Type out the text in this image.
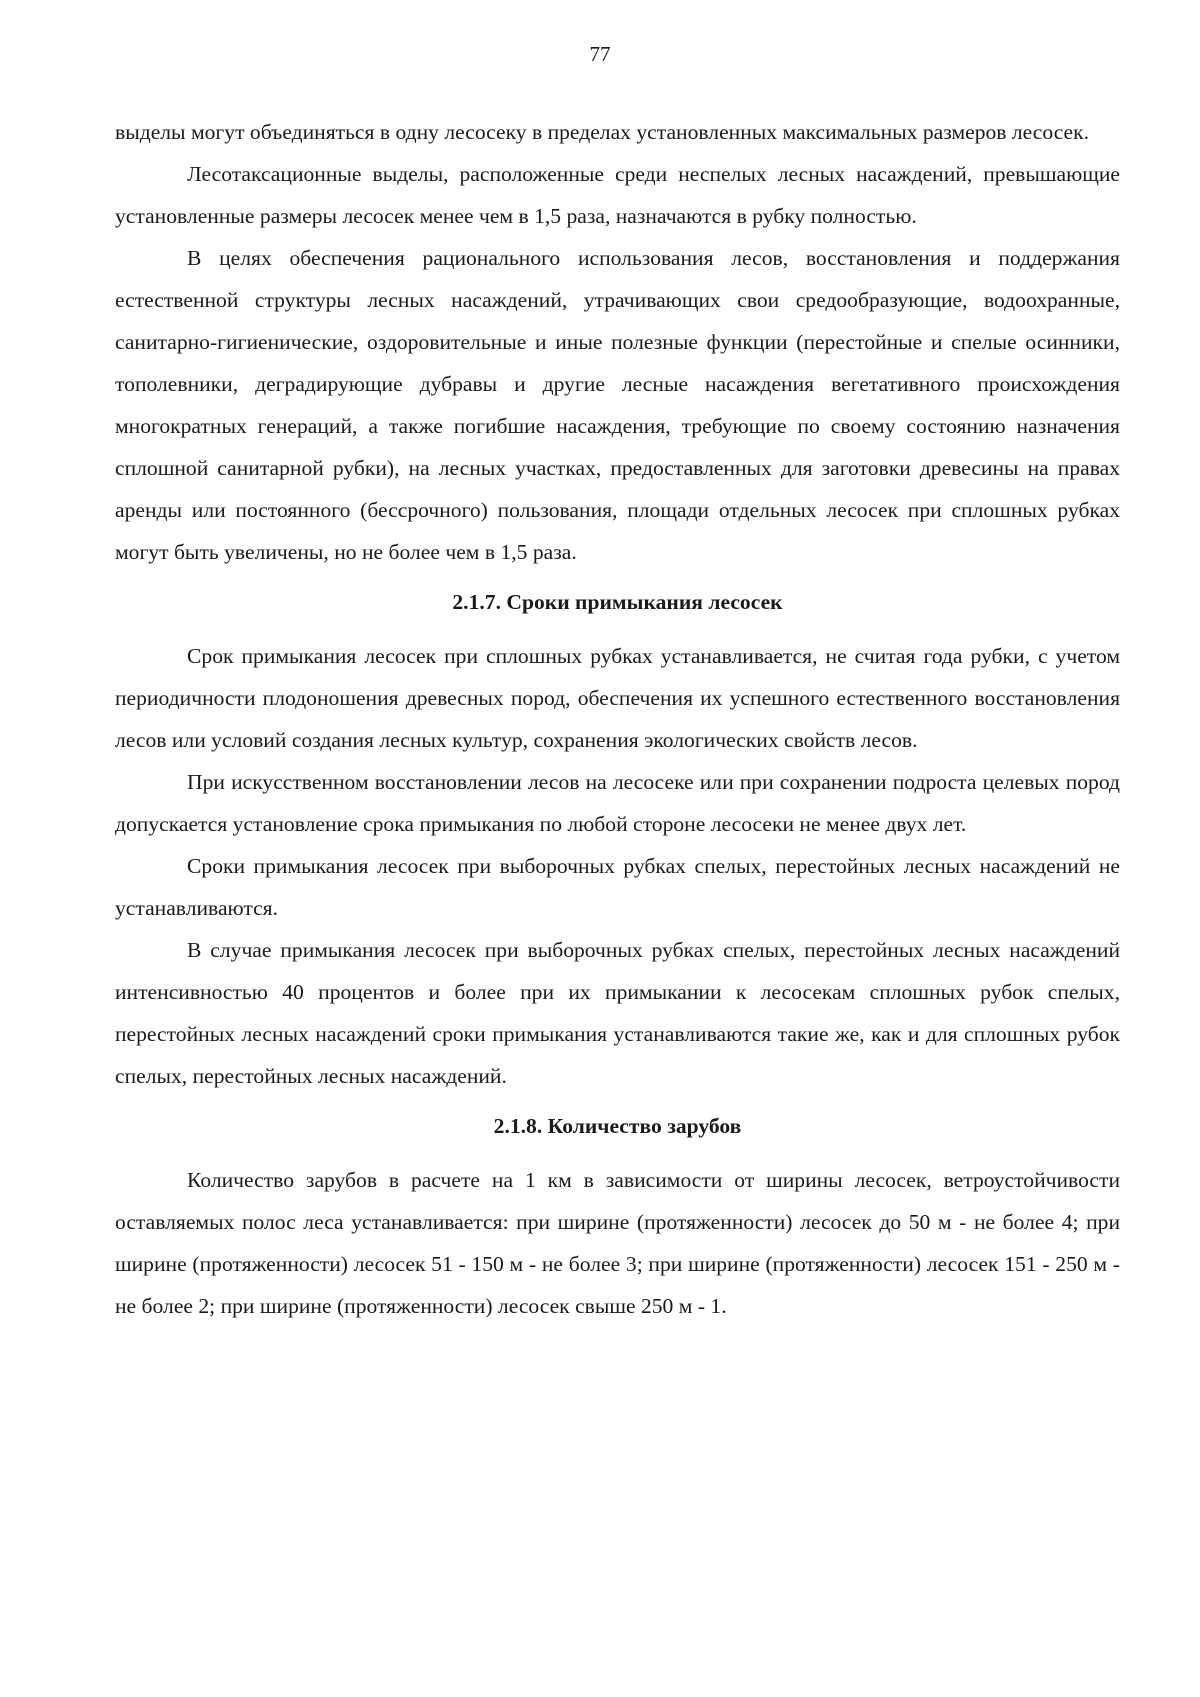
77

выделы могут объединяться в одну лесосеку в пределах установленных максимальных размеров лесосек.

Лесотаксационные выделы, расположенные среди неспелых лесных насаждений, превышающие установленные размеры лесосек менее чем в 1,5 раза, назначаются в рубку полностью.

В целях обеспечения рационального использования лесов, восстановления и поддержания естественной структуры лесных насаждений, утрачивающих свои средообразующие, водоохранные, санитарно-гигиенические, оздоровительные и иные полезные функции (перестойные и спелые осинники, тополевники, деградирующие дубравы и другие лесные насаждения вегетативного происхождения многократных генераций, а также погибшие насаждения, требующие по своему состоянию назначения сплошной санитарной рубки), на лесных участках, предоставленных для заготовки древесины на правах аренды или постоянного (бессрочного) пользования, площади отдельных лесосек при сплошных рубках могут быть увеличены, но не более чем в 1,5 раза.

2.1.7. Сроки примыкания лесосек

Срок примыкания лесосек при сплошных рубках устанавливается, не считая года рубки, с учетом периодичности плодоношения древесных пород, обеспечения их успешного естественного восстановления лесов или условий создания лесных культур, сохранения экологических свойств лесов.

При искусственном восстановлении лесов на лесосеке или при сохранении подроста целевых пород допускается установление срока примыкания по любой стороне лесосеки не менее двух лет.

Сроки примыкания лесосек при выборочных рубках спелых, перестойных лесных насаждений не устанавливаются.

В случае примыкания лесосек при выборочных рубках спелых, перестойных лесных насаждений интенсивностью 40 процентов и более при их примыкании к лесосекам сплошных рубок спелых, перестойных лесных насаждений сроки примыкания устанавливаются такие же, как и для сплошных рубок спелых, перестойных лесных насаждений.

2.1.8. Количество зарубов

Количество зарубов в расчете на 1 км в зависимости от ширины лесосек, ветроустойчивости оставляемых полос леса устанавливается: при ширине (протяженности) лесосек до 50 м - не более 4; при ширине (протяженности) лесосек 51 - 150 м - не более 3; при ширине (протяженности) лесосек 151 - 250 м - не более 2; при ширине (протяженности) лесосек свыше 250 м - 1.
